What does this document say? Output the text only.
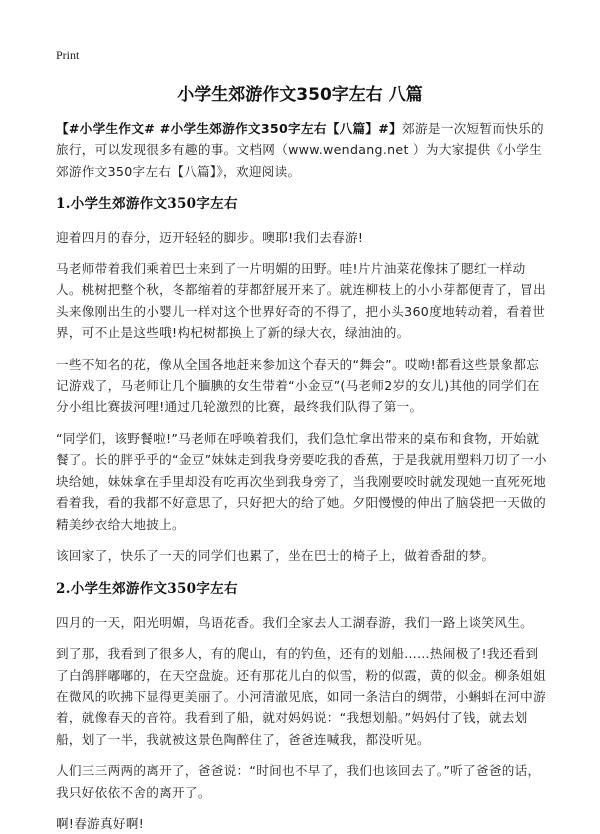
Print
小学生郊游作文350字左右 八篇

【#小学生作文# #小学生郊游作文350字左右【八篇】#】郊游是一次短暂而快乐的旅行，可以发现很多有趣的事。文档网（www.wendang.net ）为大家提供《小学生郊游作文350字左右【八篇】》，欢迎阅读。

1.小学生郊游作文350字左右

迎着四月的春分，迈开轻轻的脚步。噢耶!我们去春游!

马老师带着我们乘着巴士来到了一片明媚的田野。哇!片片油菜花像抹了腮红一样动人。桃树把整个秋，冬都缩着的芽都舒展开来了。就连柳枝上的小小芽都便青了，冒出头来像刚出生的小婴儿一样对这个世界好奇的不得了，把小头360度地转动着，看着世界，可不止是这些哦!构杞树都换上了新的绿大衣，绿油油的。

一些不知名的花，像从全国各地赶来参加这个春天的“舞会”。哎呦!都看这些景象都忘记游戏了，马老师让几个腼腆的女生带着“小金豆”(马老师2岁的女儿)其他的同学们在分小组比赛拔河哩!通过几轮激烈的比赛，最终我们队得了第一。

“同学们，该野餐啦!”马老师在呼唤着我们，我们急忙拿出带来的桌布和食物，开始就餐了。长的胖乎乎的“金豆”妹妹走到我身旁要吃我的香蕉，于是我就用塑料刀切了一小块给她，妹妹拿在手里却没有吃再次坐到我身旁了，当我刚要咬时就发现她一直死死地看着我，看的我都不好意思了，只好把大的给了她。夕阳慢慢的伸出了脑袋把一天做的精美纱衣给大地披上。

该回家了，快乐了一天的同学们也累了，坐在巴士的椅子上，做着香甜的梦。

2.小学生郊游作文350字左右

四月的一天，阳光明媚，鸟语花香。我们全家去人工湖春游，我们一路上谈笑风生。

到了那，我看到了很多人，有的爬山，有的钓鱼，还有的划船……热闹极了!我还看到了白鸽胖嘟嘟的，在天空盘旋。还有那花儿白的似雪，粉的似霞，黄的似金。柳条姐姐在微风的吹拂下显得更美丽了。小河清澈见底，如同一条洁白的绸带，小蝌蚪在河中游着，就像春天的音符。我看到了船，就对妈妈说：“我想划船。”妈妈付了钱，就去划船，划了一半，我就被这景色陶醉住了，爸爸连喊我，都没听见。

人们三三两两的离开了，爸爸说：“时间也不早了，我们也该回去了。”听了爸爸的话，我只好依依不舍的离开了。

啊!春游真好啊!
